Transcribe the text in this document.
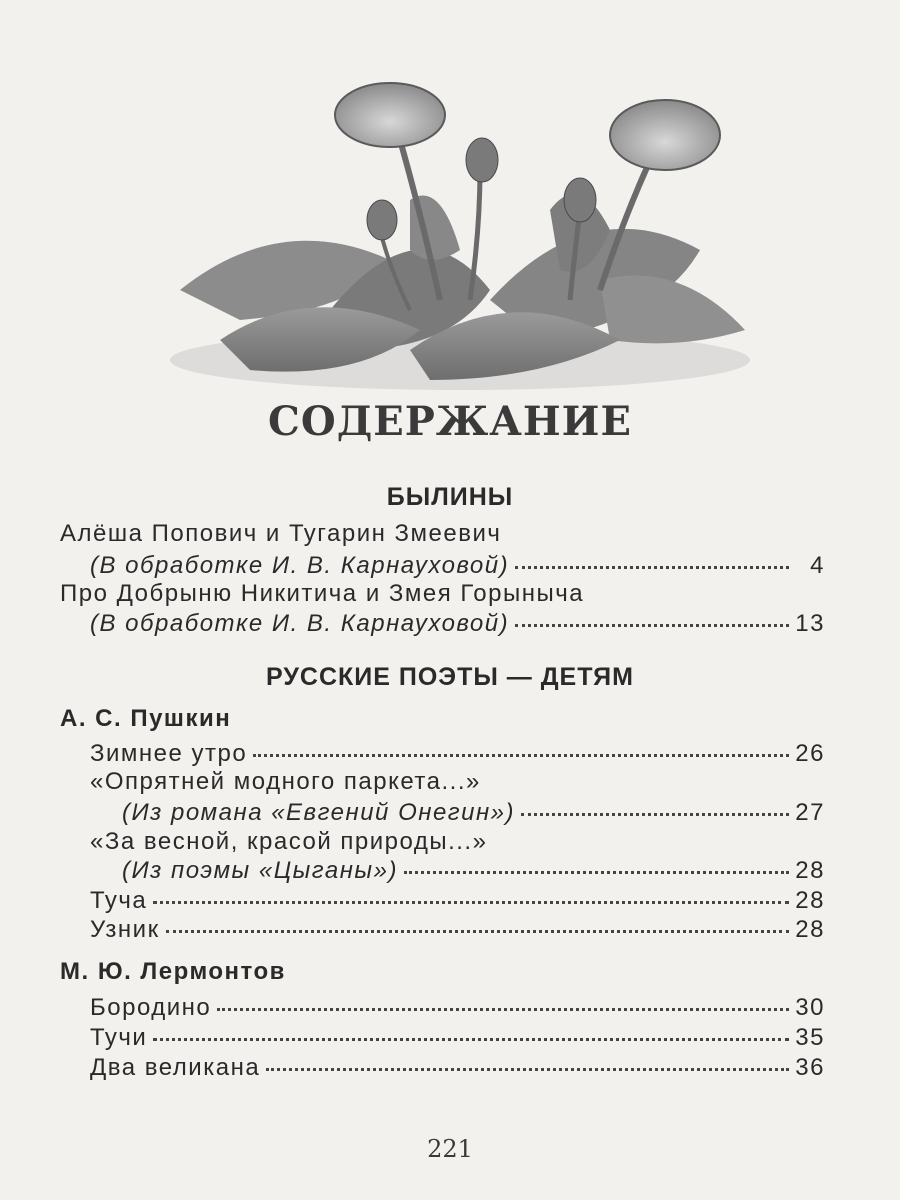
СОДЕРЖАНИЕ
БЫЛИНЫ
Алёша Попович и Тугарин Змеевич
(В обработке И. В. Карнауховой)	4
Про Добрыню Никитича и Змея Горыныча
(В обработке И. В. Карнауховой)	13
РУССКИЕ ПОЭТЫ — ДЕТЯМ
А. С. Пушкин
Зимнее утро	26
«Опрятней модного паркета...»
(Из романа «Евгений Онегин»)	27
«За весной, красой природы...»
(Из поэмы «Цыганы»)	28
Туча	28
Узник	28
М. Ю. Лермонтов
Бородино	30
Тучи	35
Два великана	36
221
